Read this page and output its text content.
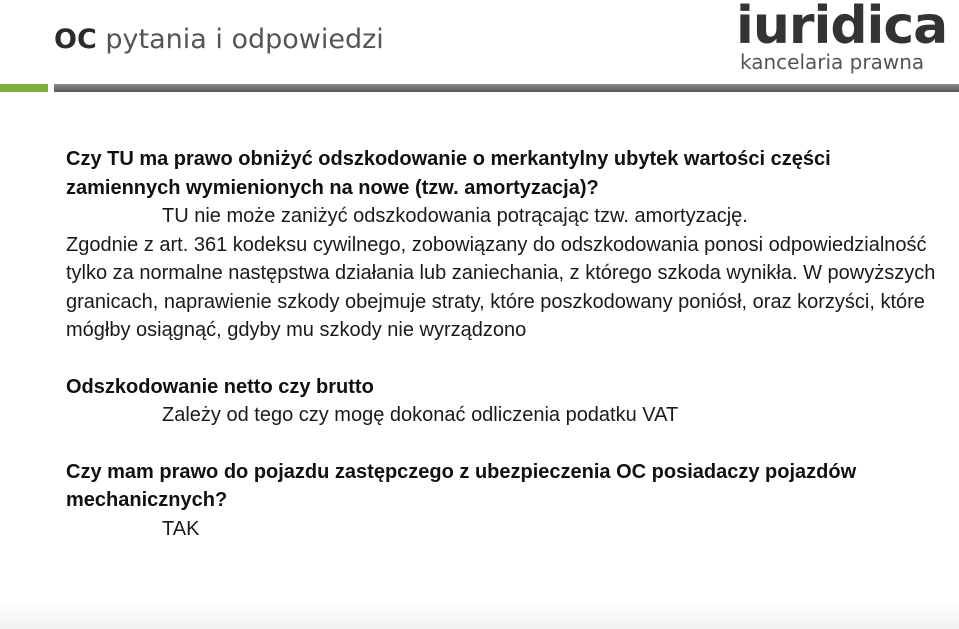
OC pytania i odpowiedzi	iuridica
kancelaria prawna

Czy TU ma prawo obniżyć odszkodowanie o merkantylny ubytek wartości części zamiennych wymienionych na nowe (tzw. amortyzacja)?

TU nie może zaniżyć odszkodowania potrącając tzw. amortyzację.

Zgodnie z art. 361 kodeksu cywilnego, zobowiązany do odszkodowania ponosi odpowiedzialność tylko za normalne następstwa działania lub zaniechania, z którego szkoda wynikła. W powyższych granicach, naprawienie szkody obejmuje straty, które poszkodowany poniósł, oraz korzyści, które mógłby osiągnąć, gdyby mu szkody nie wyrządzono

Odszkodowanie netto czy brutto

Zależy od tego czy mogę dokonać odliczenia podatku VAT

Czy mam prawo do pojazdu zastępczego z ubezpieczenia OC posiadaczy pojazdów mechanicznych?

TAK
